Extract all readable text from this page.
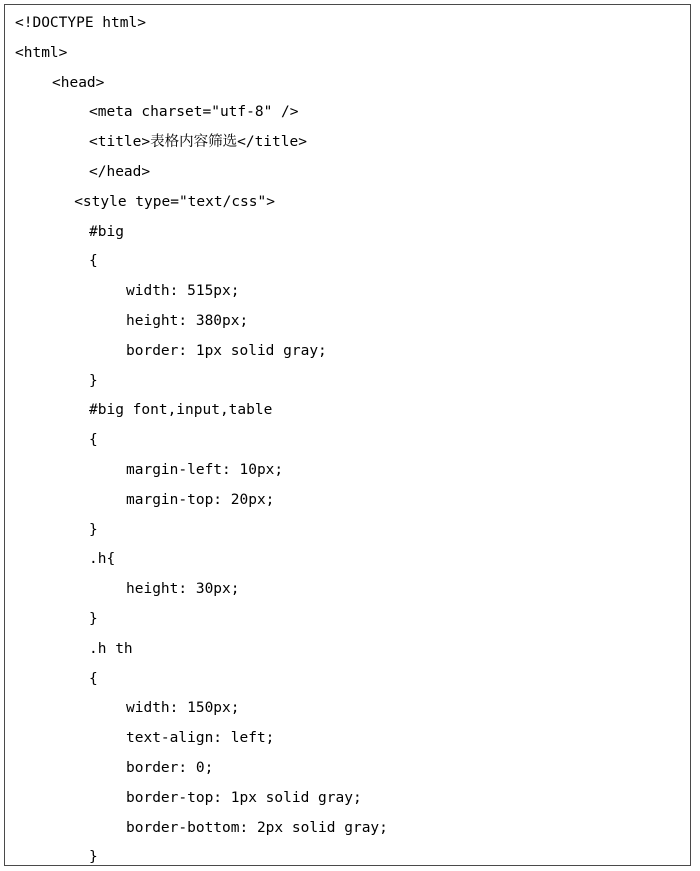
<!DOCTYPE html>
<html>
<head>
<meta charset="utf-8" />
<title>表格内容筛选</title>
</head>
<style type="text/css">
#big
{
width: 515px;
height: 380px;
border: 1px solid gray;
}
#big font,input,table
{
margin-left: 10px;
margin-top: 20px;
}
.h{
height: 30px;
}
.h th
{
width: 150px;
text-align: left;
border: 0;
border-top: 1px solid gray;
border-bottom: 2px solid gray;
}
